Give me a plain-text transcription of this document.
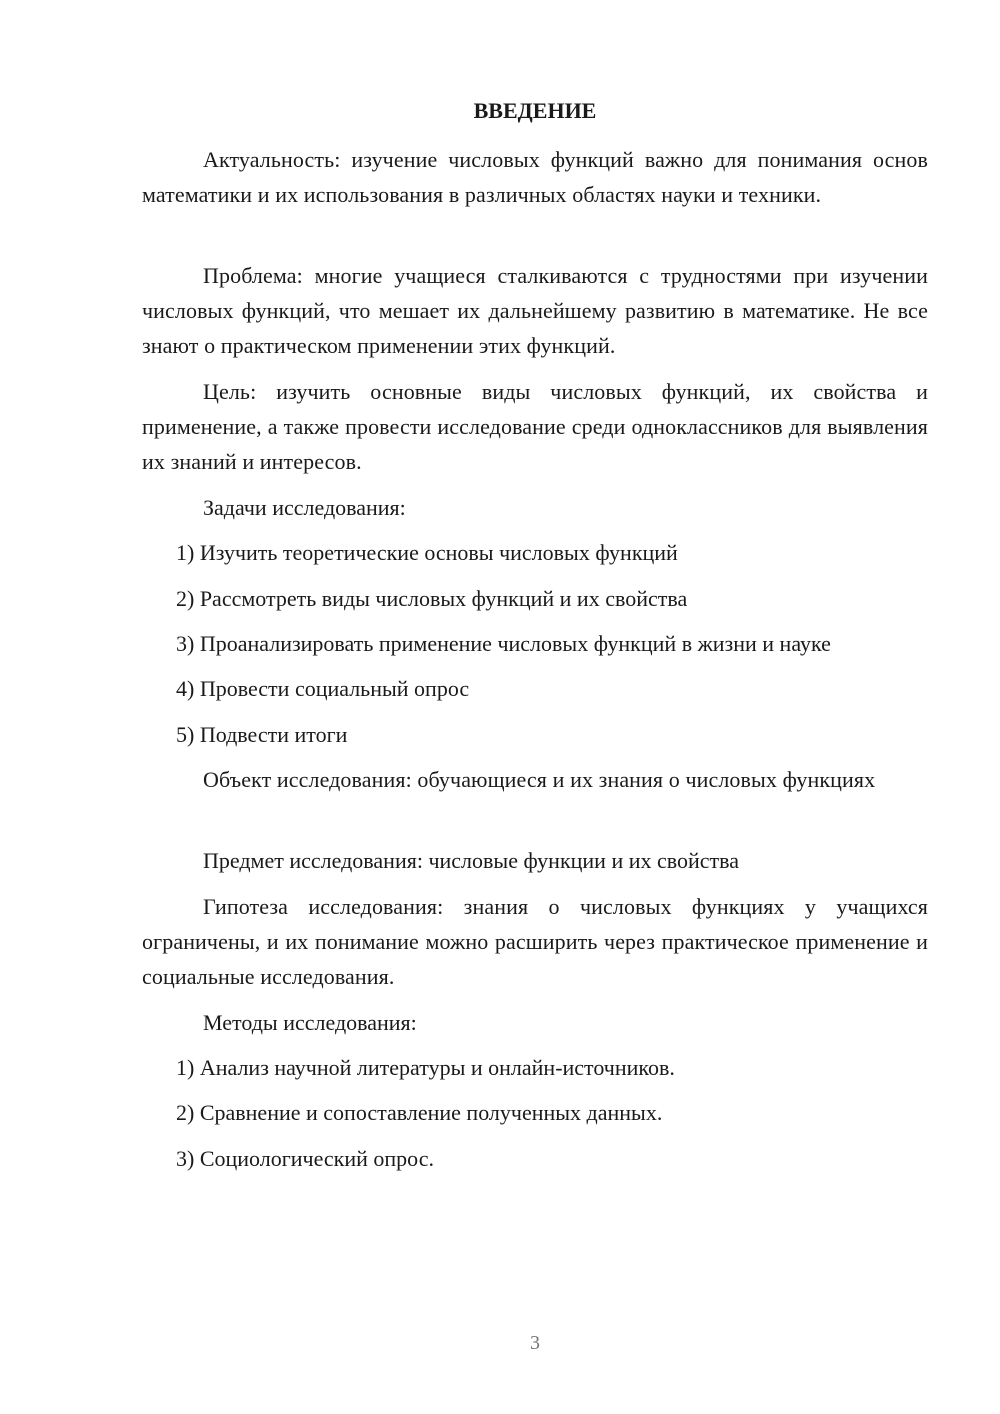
ВВЕДЕНИЕ

Актуальность: изучение числовых функций важно для понимания основ математики и их использования в различных областях науки и техники.

Проблема: многие учащиеся сталкиваются с трудностями при изучении числовых функций, что мешает их дальнейшему развитию в математике. Не все знают о практическом применении этих функций.

Цель: изучить основные виды числовых функций, их свойства и применение, а также провести исследование среди одноклассников для выявления их знаний и интересов.

Задачи исследования:

1) Изучить теоретические основы числовых функций

2) Рассмотреть виды числовых функций и их свойства

3) Проанализировать применение числовых функций в жизни и науке

4) Провести социальный опрос

5) Подвести итоги

Объект исследования: обучающиеся и их знания о числовых функциях

Предмет исследования: числовые функции и их свойства

Гипотеза исследования: знания о числовых функциях у учащихся ограничены, и их понимание можно расширить через практическое применение и социальные исследования.

Методы исследования:

1) Анализ научной литературы и онлайн-источников.

2) Сравнение и сопоставление полученных данных.

3) Социологический опрос.

3
